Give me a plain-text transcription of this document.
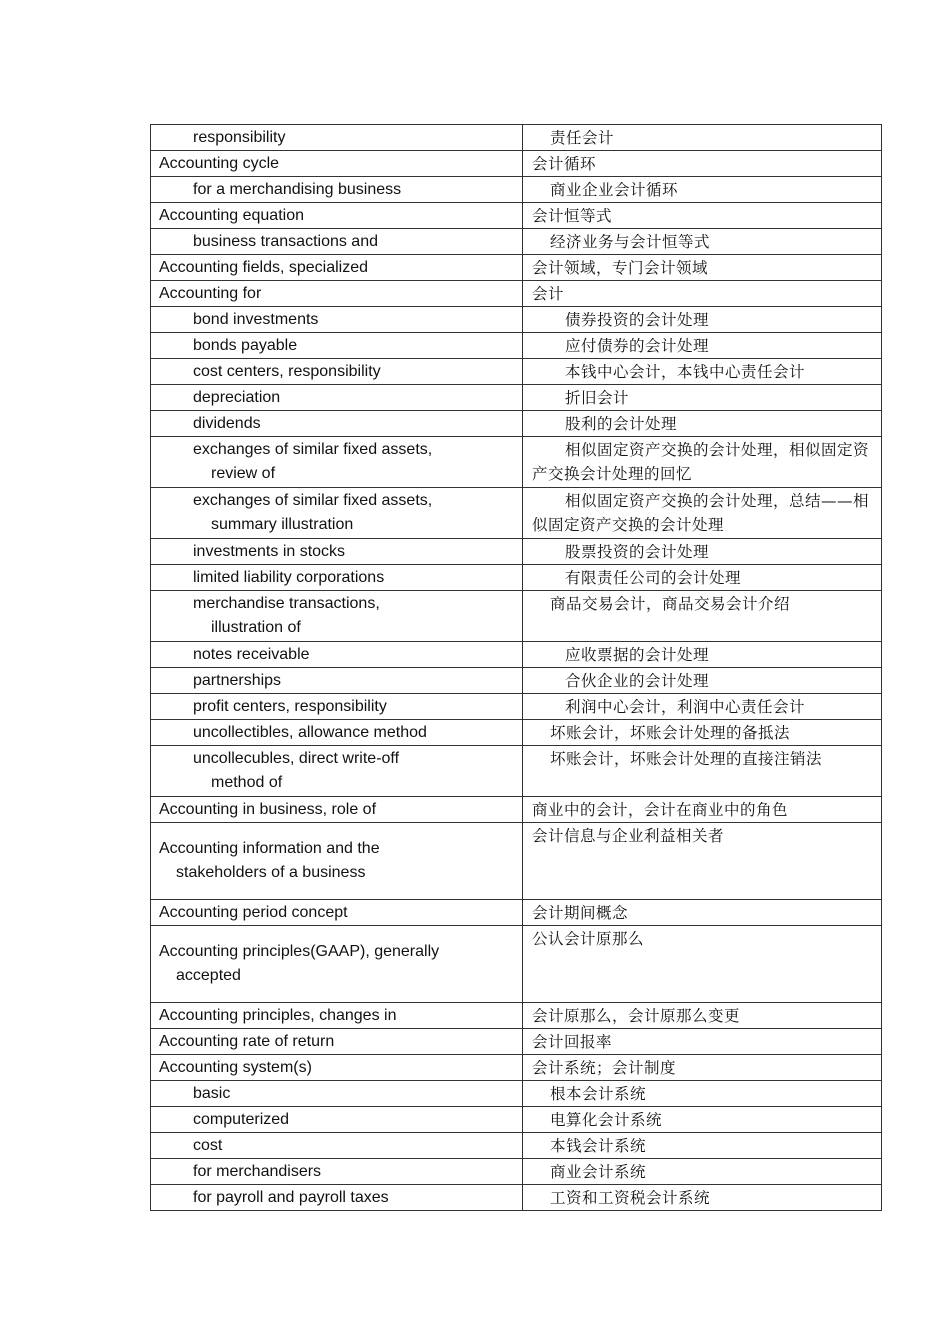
responsibility	责任会计
Accounting cycle	会计循环
for a merchandising business	商业企业会计循环
Accounting equation	会计恒等式
business transactions and	经济业务与会计恒等式
Accounting fields, specialized	会计领域，专门会计领域
Accounting for	会计
bond investments	债券投资的会计处理
bonds payable	应付债券的会计处理
cost centers, responsibility	本钱中心会计，本钱中心责任会计
depreciation	折旧会计
dividends	股利的会计处理
exchanges of similar fixed assets,
review of	相似固定资产交换的会计处理，相似固定资产交换会计处理的回忆
exchanges of similar fixed assets,
summary illustration	相似固定资产交换的会计处理，总结——相似固定资产交换的会计处理
investments in stocks	股票投资的会计处理
limited liability corporations	有限责任公司的会计处理
merchandise transactions,
illustration of	商品交易会计，商品交易会计介绍
notes receivable	应收票据的会计处理
partnerships	合伙企业的会计处理
profit centers, responsibility	利润中心会计，利润中心责任会计
uncollectibles, allowance method	坏账会计，坏账会计处理的备抵法
uncollecubles, direct write-off
method of	坏账会计，坏账会计处理的直接注销法
Accounting in business, role of	商业中的会计，会计在商业中的角色

Accounting information and the
stakeholders of a business	会计信息与企业利益相关者
Accounting period concept	会计期间概念

Accounting principles(GAAP), generally
accepted	公认会计原那么
Accounting principles, changes in	会计原那么，会计原那么变更
Accounting rate of return	会计回报率
Accounting system(s)	会计系统；会计制度
basic	根本会计系统
computerized	电算化会计系统
cost	本钱会计系统
for merchandisers	商业会计系统
for payroll and payroll taxes	工资和工资税会计系统
